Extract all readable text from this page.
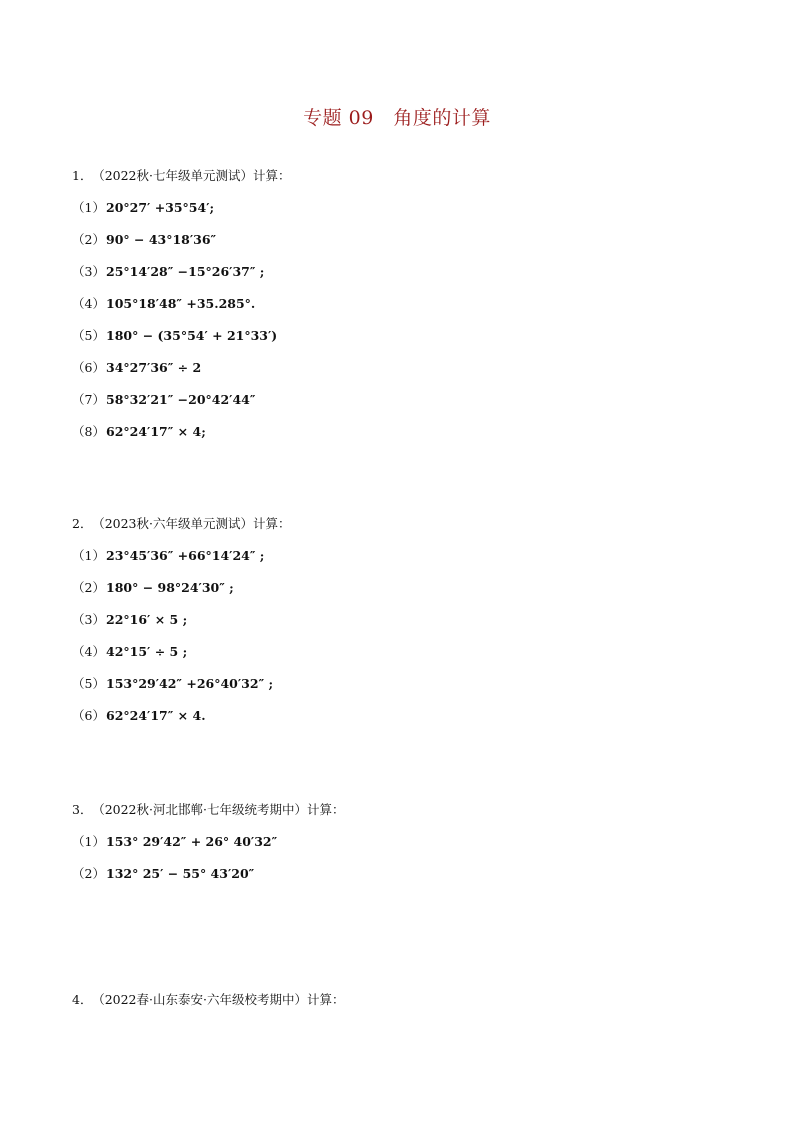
专题 09　角度的计算
1． （2022秋·七年级单元测试）计算：
（1）20°27′ +35°54′;
（2）90° − 43°18′36″
（3）25°14′28″ −15°26′37″ ;
（4）105°18′48″ +35.285°.
（5）180° − (35°54′ + 21°33′)
（6）34°27′36″ ÷ 2
（7）58°32′21″ −20°42′44″
（8）62°24′17″ × 4;
2． （2023秋·六年级单元测试）计算：
（1）23°45′36″ +66°14′24″ ;
（2）180° − 98°24′30″ ;
（3）22°16′ × 5 ;
（4）42°15′ ÷ 5 ;
（5）153°29′42″ +26°40′32″ ;
（6）62°24′17″ × 4.
3． （2022秋·河北邯郸·七年级统考期中）计算：
（1）153° 29′42″ + 26° 40′32″
（2）132° 25′ − 55° 43′20″
4． （2022春·山东泰安·六年级校考期中）计算：
